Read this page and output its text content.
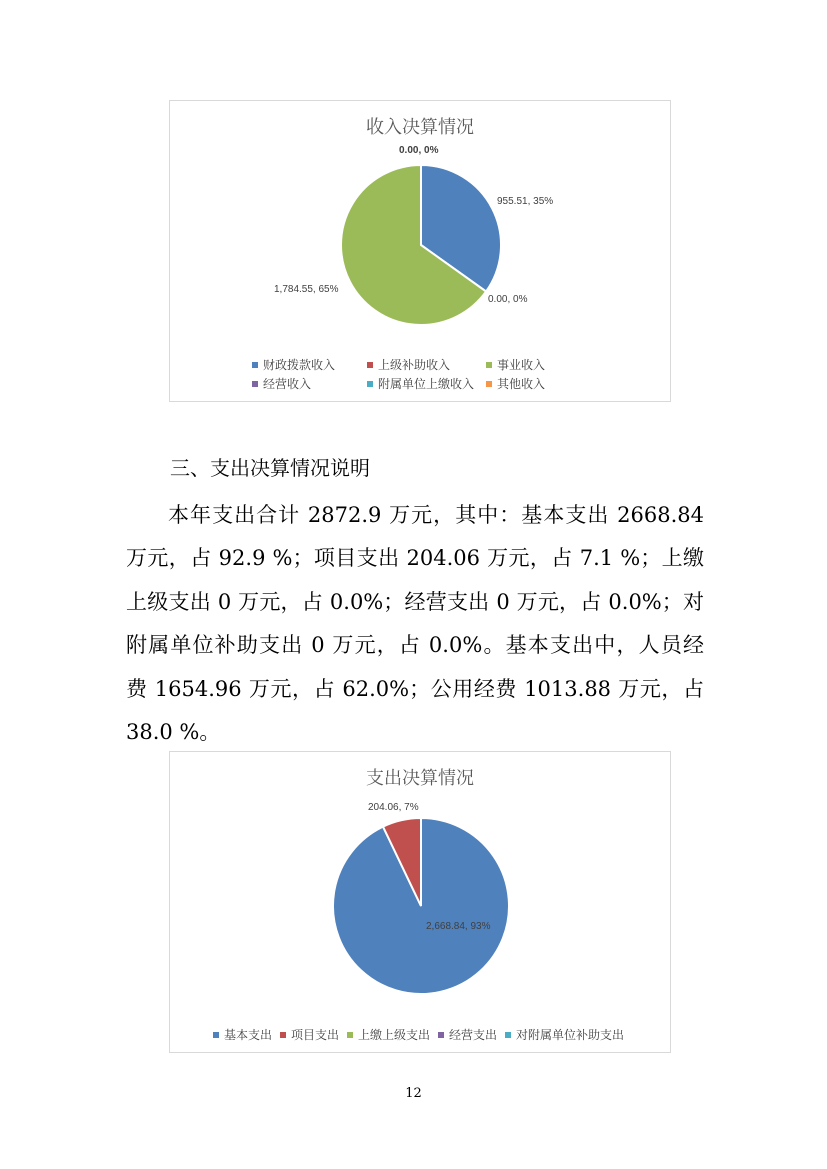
收入决算情况
0.00, 0%
955.51, 35%
1,784.55, 65%
0.00, 0%
财政拨款收入	上级补助收入	事业收入
经营收入	附属单位上缴收入 其他收入
三、支出决算情况说明
本年支出合计 2872.9 万元，其中：基本支出 2668.84
万元，占 92.9 %；项目支出 204.06 万元，占 7.1 %；上缴
上级支出 0 万元，占 0.0%；经营支出 0 万元，占 0.0%；对
附属单位补助支出 0 万元，占 0.0%。基本支出中，人员经
费 1654.96 万元，占 62.0%；公用经费 1013.88 万元，占
38.0 %。
支出决算情况
204.06, 7%
2,668.84, 93%
基本支出 项目支出 上缴上级支出 经营支出 对附属单位补助支出
12
